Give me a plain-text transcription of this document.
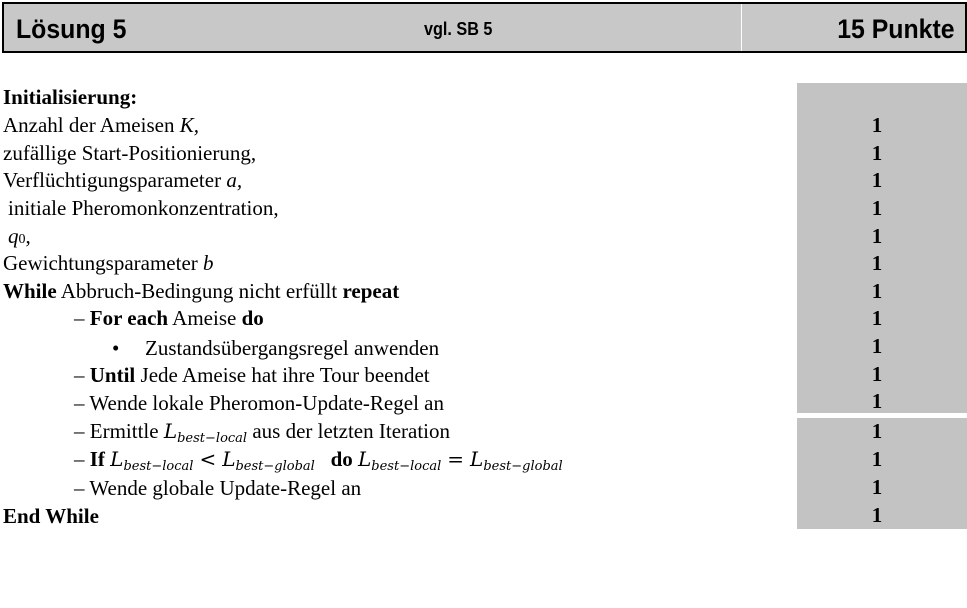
Lösung 5	vgl. SB 5	15 Punkte
Initialisierung:
Anzahl der Ameisen K,
zufällige Start-Positionierung,
Verflüchtigungsparameter a,
initiale Pheromonkonzentration,
q0,
Gewichtungsparameter b
While Abbruch-Bedingung nicht erfüllt repeat
– For each Ameise do
• Zustandsübergangsregel anwenden
– Until Jede Ameise hat ihre Tour beendet
– Wende lokale Pheromon-Update-Regel an
– Ermittle $L_{best-local}$ aus der letzten Iteration
– If $L_{best-local} < L_{best-global}$ do $L_{best-local} = L_{best-global}$
– Wende globale Update-Regel an
End While
1
1
1
1
1
1
1
1
1
1
1
1
1
1
1
